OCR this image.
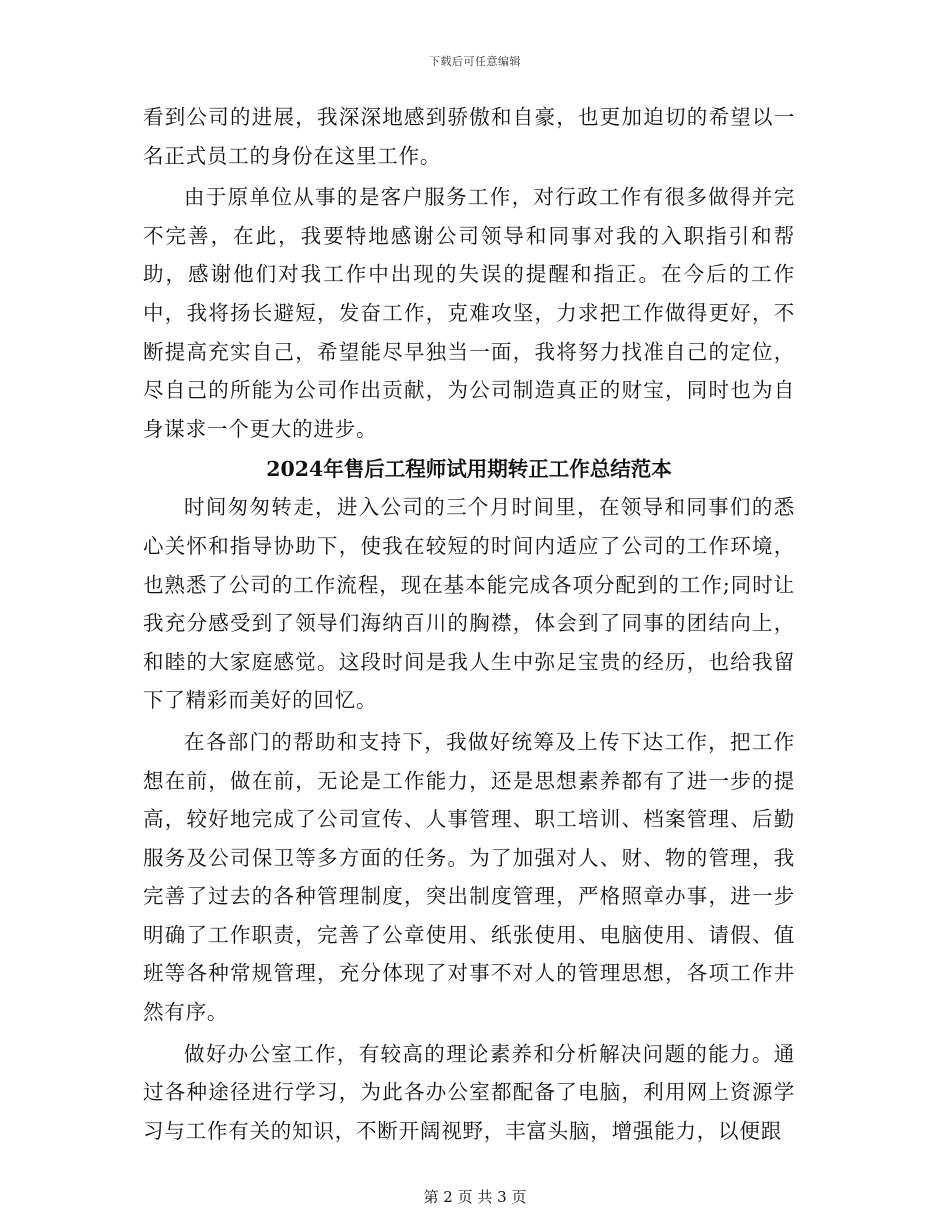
下载后可任意编辑

看到公司的进展，我深深地感到骄傲和自豪，也更加迫切的希望以一名正式员工的身份在这里工作。

由于原单位从事的是客户服务工作，对行政工作有很多做得并完不完善，在此，我要特地感谢公司领导和同事对我的入职指引和帮助，感谢他们对我工作中出现的失误的提醒和指正。在今后的工作中，我将扬长避短，发奋工作，克难攻坚，力求把工作做得更好，不断提高充实自己，希望能尽早独当一面，我将努力找准自己的定位，尽自己的所能为公司作出贡献，为公司制造真正的财宝，同时也为自身谋求一个更大的进步。

2024年售后工程师试用期转正工作总结范本

时间匆匆转走，进入公司的三个月时间里，在领导和同事们的悉心关怀和指导协助下，使我在较短的时间内适应了公司的工作环境，也熟悉了公司的工作流程，现在基本能完成各项分配到的工作;同时让我充分感受到了领导们海纳百川的胸襟，体会到了同事的团结向上，和睦的大家庭感觉。这段时间是我人生中弥足宝贵的经历，也给我留下了精彩而美好的回忆。

在各部门的帮助和支持下，我做好统筹及上传下达工作，把工作想在前，做在前，无论是工作能力，还是思想素养都有了进一步的提高，较好地完成了公司宣传、人事管理、职工培训、档案管理、后勤服务及公司保卫等多方面的任务。为了加强对人、财、物的管理，我完善了过去的各种管理制度，突出制度管理，严格照章办事，进一步明确了工作职责，完善了公章使用、纸张使用、电脑使用、请假、值班等各种常规管理，充分体现了对事不对人的管理思想，各项工作井然有序。

做好办公室工作，有较高的理论素养和分析解决问题的能力。通过各种途径进行学习，为此各办公室都配备了电脑，利用网上资源学习与工作有关的知识，不断开阔视野，丰富头脑，增强能力，以便跟

第 2 页 共 3 页
